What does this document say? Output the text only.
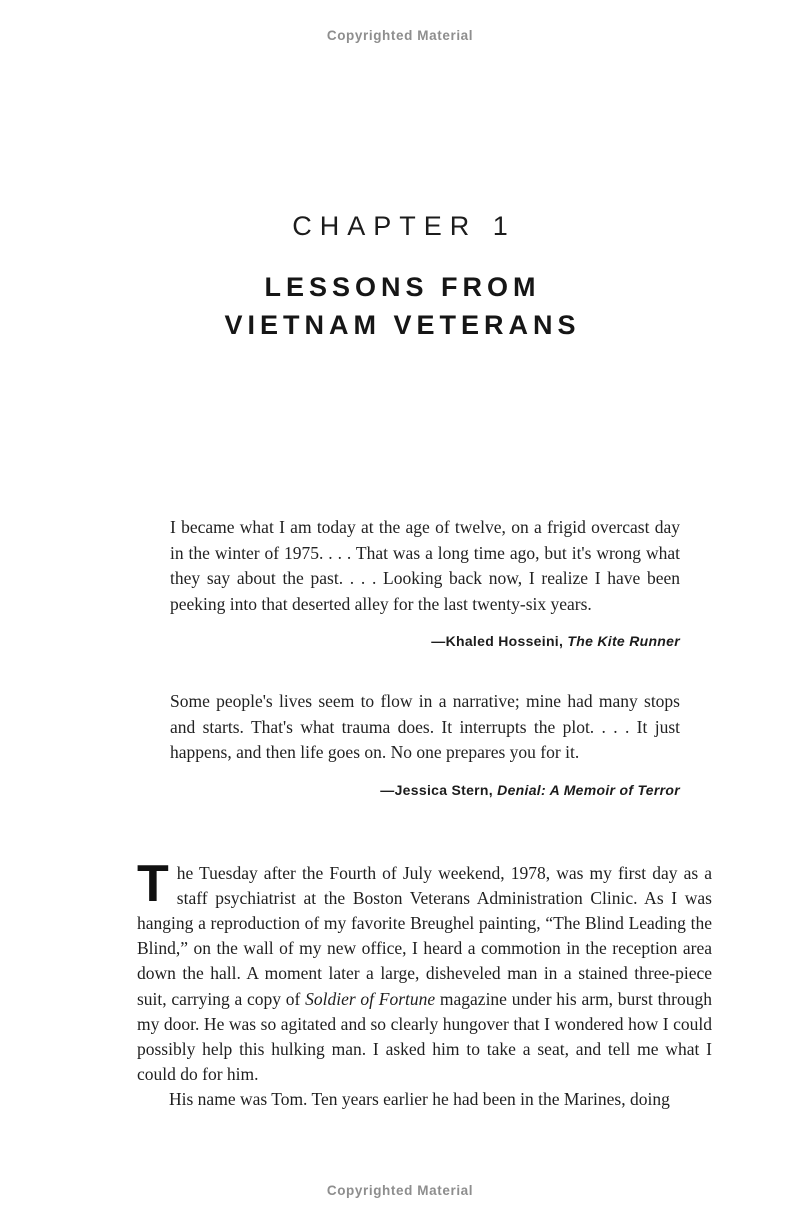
Copyrighted Material
CHAPTER 1
LESSONS FROM
VIETNAM VETERANS

I became what I am today at the age of twelve, on a frigid overcast day in the winter of 1975. . . . That was a long time ago, but it's wrong what they say about the past. . . . Looking back now, I realize I have been peeking into that deserted alley for the last twenty-six years.

—Khaled Hosseini, The Kite Runner

Some people's lives seem to flow in a narrative; mine had many stops and starts. That's what trauma does. It interrupts the plot. . . . It just happens, and then life goes on. No one prepares you for it.

—Jessica Stern, Denial: A Memoir of Terror

The Tuesday after the Fourth of July weekend, 1978, was my first day as a staff psychiatrist at the Boston Veterans Administration Clinic. As I was hanging a reproduction of my favorite Breughel painting, “The Blind Leading the Blind,” on the wall of my new office, I heard a commotion in the reception area down the hall. A moment later a large, disheveled man in a stained three-piece suit, carrying a copy of Soldier of Fortune magazine under his arm, burst through my door. He was so agitated and so clearly hungover that I wondered how I could possibly help this hulking man. I asked him to take a seat, and tell me what I could do for him.

His name was Tom. Ten years earlier he had been in the Marines, doing

Copyrighted Material
